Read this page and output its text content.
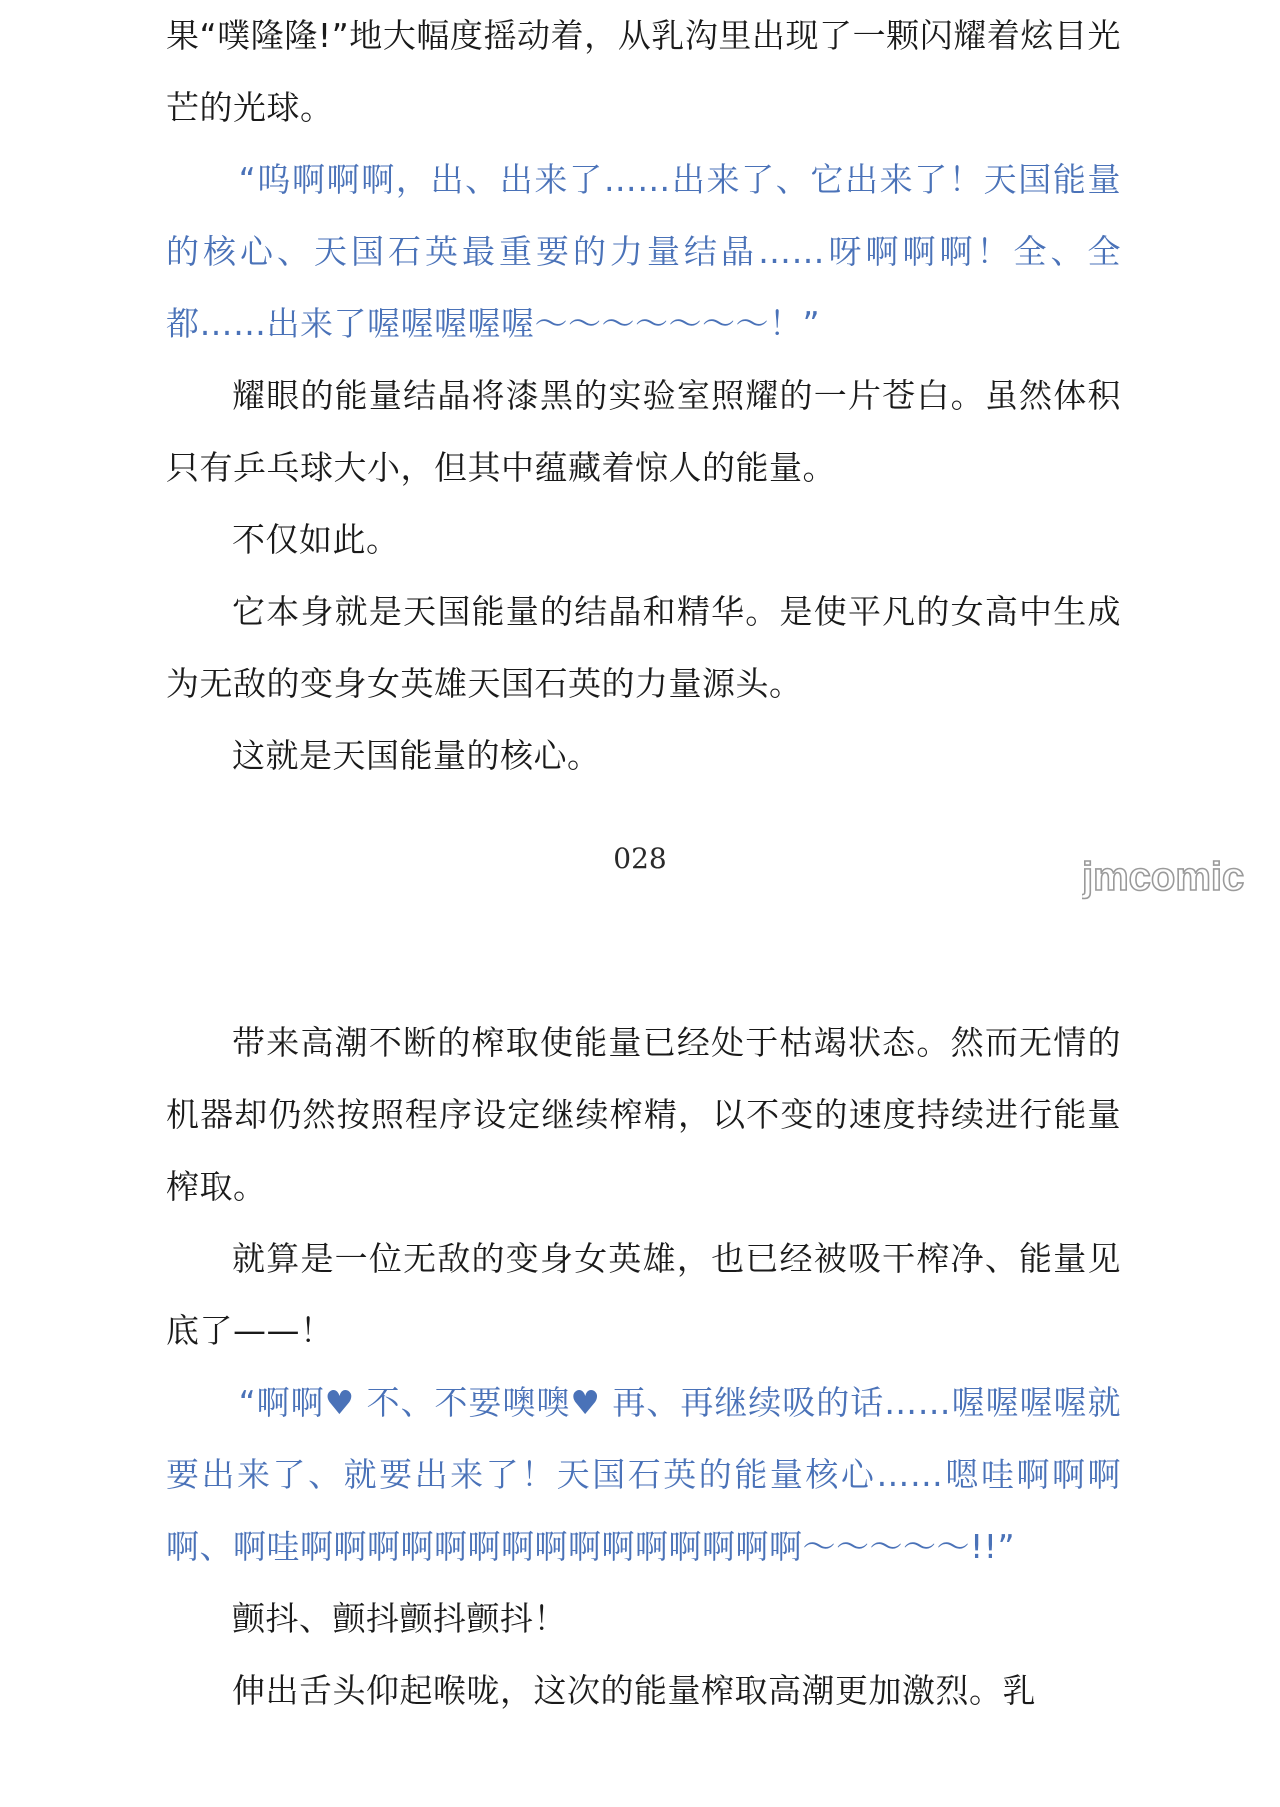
果“噗隆隆!”地大幅度摇动着，从乳沟里出现了一颗闪耀着炫目光芒的光球。

“呜啊啊啊，出、出来了……出来了、它出来了！天国能量的核心、天国石英最重要的力量结晶……呀啊啊啊！全、全都……出来了喔喔喔喔喔～～～～～～～！”

耀眼的能量结晶将漆黑的实验室照耀的一片苍白。虽然体积只有乒乓球大小，但其中蕴藏着惊人的能量。

不仅如此。

它本身就是天国能量的结晶和精华。是使平凡的女高中生成为无敌的变身女英雄天国石英的力量源头。

这就是天国能量的核心。

028	jmcomic

带来高潮不断的榨取使能量已经处于枯竭状态。然而无情的机器却仍然按照程序设定继续榨精，以不变的速度持续进行能量榨取。

就算是一位无敌的变身女英雄，也已经被吸干榨净、能量见底了——！

“啊啊♥ 不、不要噢噢♥ 再、再继续吸的话……喔喔喔喔就要出来了、就要出来了！天国石英的能量核心……嗯哇啊啊啊啊、啊哇啊啊啊啊啊啊啊啊啊啊啊啊啊啊啊～～～～～!!”

颤抖、颤抖颤抖颤抖！

伸出舌头仰起喉咙，这次的能量榨取高潮更加激烈。乳
